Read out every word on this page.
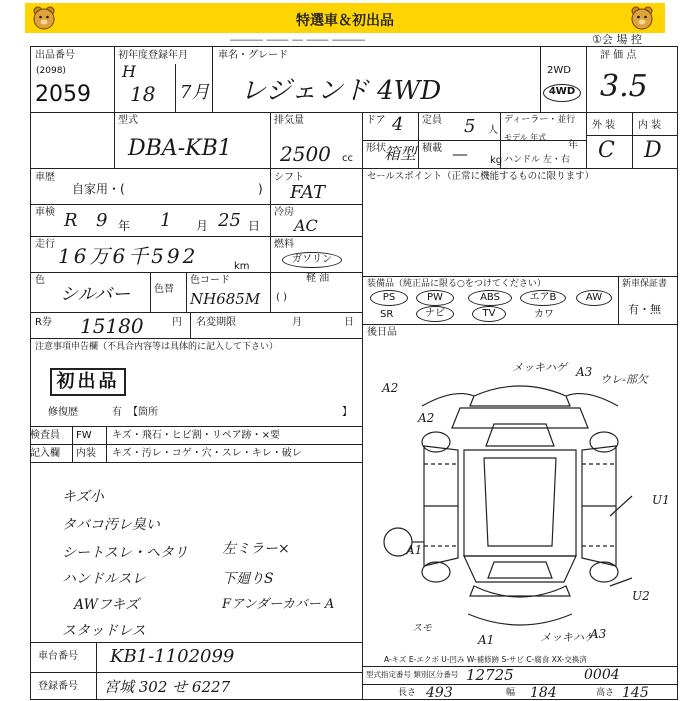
特選車＆初出品
――― ―― ― ―― ―――	①会 場 控
出品番号
(2098)
2059
初年度登録年月
H
18 7月
車名・グレード
レジェンド 4WD
2WD
4WD
評 価 点
3.5
型式
DBA-KB1
排気量
2500 cc
ドア 4 定員 5 人
ディーラー・並行
モデル 年式
年
形状
箱型 積載 — kg ハンドル 左・右
外 装 内 装
C D
車歴
自家用・(	)
シフト
FAT
車検 R 9 年 1 月 25 日
冷房
AC
走行 16万6千592	km
燃料
ガソリン
軽 油
色
シルバー 色替
色コード
NH685M ( )
R券 15180	円 名変期限	月	日
注意事項申告欄（不具合内容等は具体的に記入して下さい）
初出品
修復歴	有 【箇所	】
検査員 FW キズ・飛石・ヒビ割・リペア跡・×要
記入欄 内装 キズ・汚レ・コゲ・穴・スレ・キレ・破レ
キズ小
タバコ汚レ臭い
シートスレ・ヘタリ
ハンドルスレ
AWフキズ
スタッドレス
左ミラー×
下廻りS
Fアンダーカバー A
車台番号 KB1-1102099
登録番号 宮城 302 せ 6227
セールスポイント（正常に機能するものに限ります）
装備品（純正品に限る○をつけてください）	新車保証書
有・無
PS	PW	ABS	エアB	AW
SR	ナビ	TV	カワ
後日品
メッキハゲ A3
ウレ-部欠
A2
A2
U1
A1
U2
スモ
A1	メッキハゲ
A3
A-キズ E-エクボ U-凹み W-補修跡 S-サビ C-腐食 XX-交換済
型式指定番号 類別区分番号 12725	0004
長さ 493	幅 184	高さ 145
